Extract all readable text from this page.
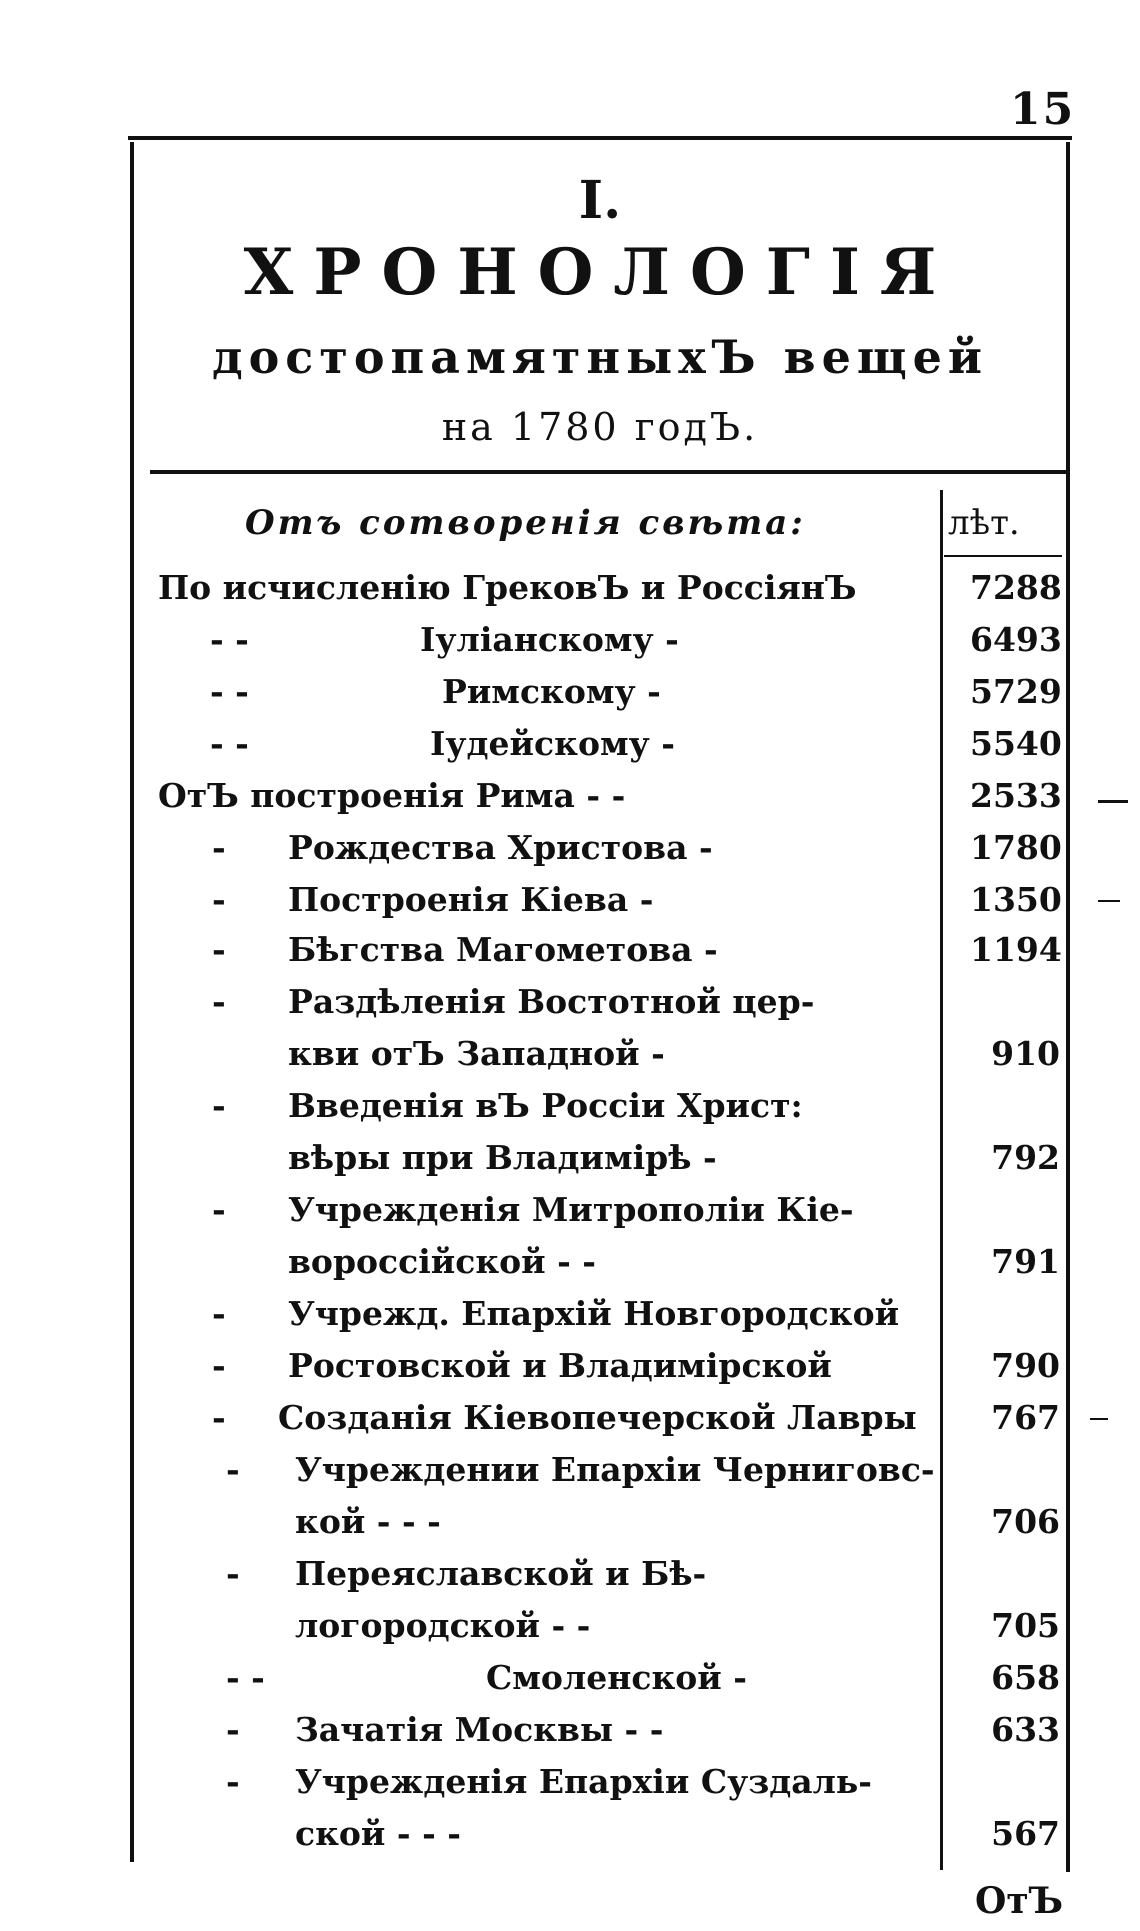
15
I.
ХРОНОЛОГІЯ
достопамятныхЪ вещей
на 1780 годЪ.
Отъ сотворенія свѣта:	лѣт.
По исчисленію ГрековЪ и РоссіянЪ	7288
- -	Іуліанскому -	6493
- -	Римскому -	5729
- -	Іудейскому -	5540
ОтЪ построенія Рима - -	2533
- Рождества Христова -	1780
- Построенія Кіева -	1350
- Бѣгства Магометова -	1194
- Раздѣленія Востотной цер-
кви отЪ Западной -	910
- Введенія вЪ Россіи Христ:
вѣры при Владимірѣ -	792
- Учрежденія Митрополіи Кіе-
вороссійской - -	791
- Учрежд. Епархій Новгородской
- Ростовской и Владимірской	790
- Созданія Кіевопечерской Лавры	767
- Учреждении Епархіи Черниговс-
кой - - -	706
- Переяславской и Бѣ-
логородской - -	705
- -	Смоленской -	658
- Зачатія Москвы - -	633
- Учрежденія Епархіи Суздаль-
ской - - -	567
ОтЪ
